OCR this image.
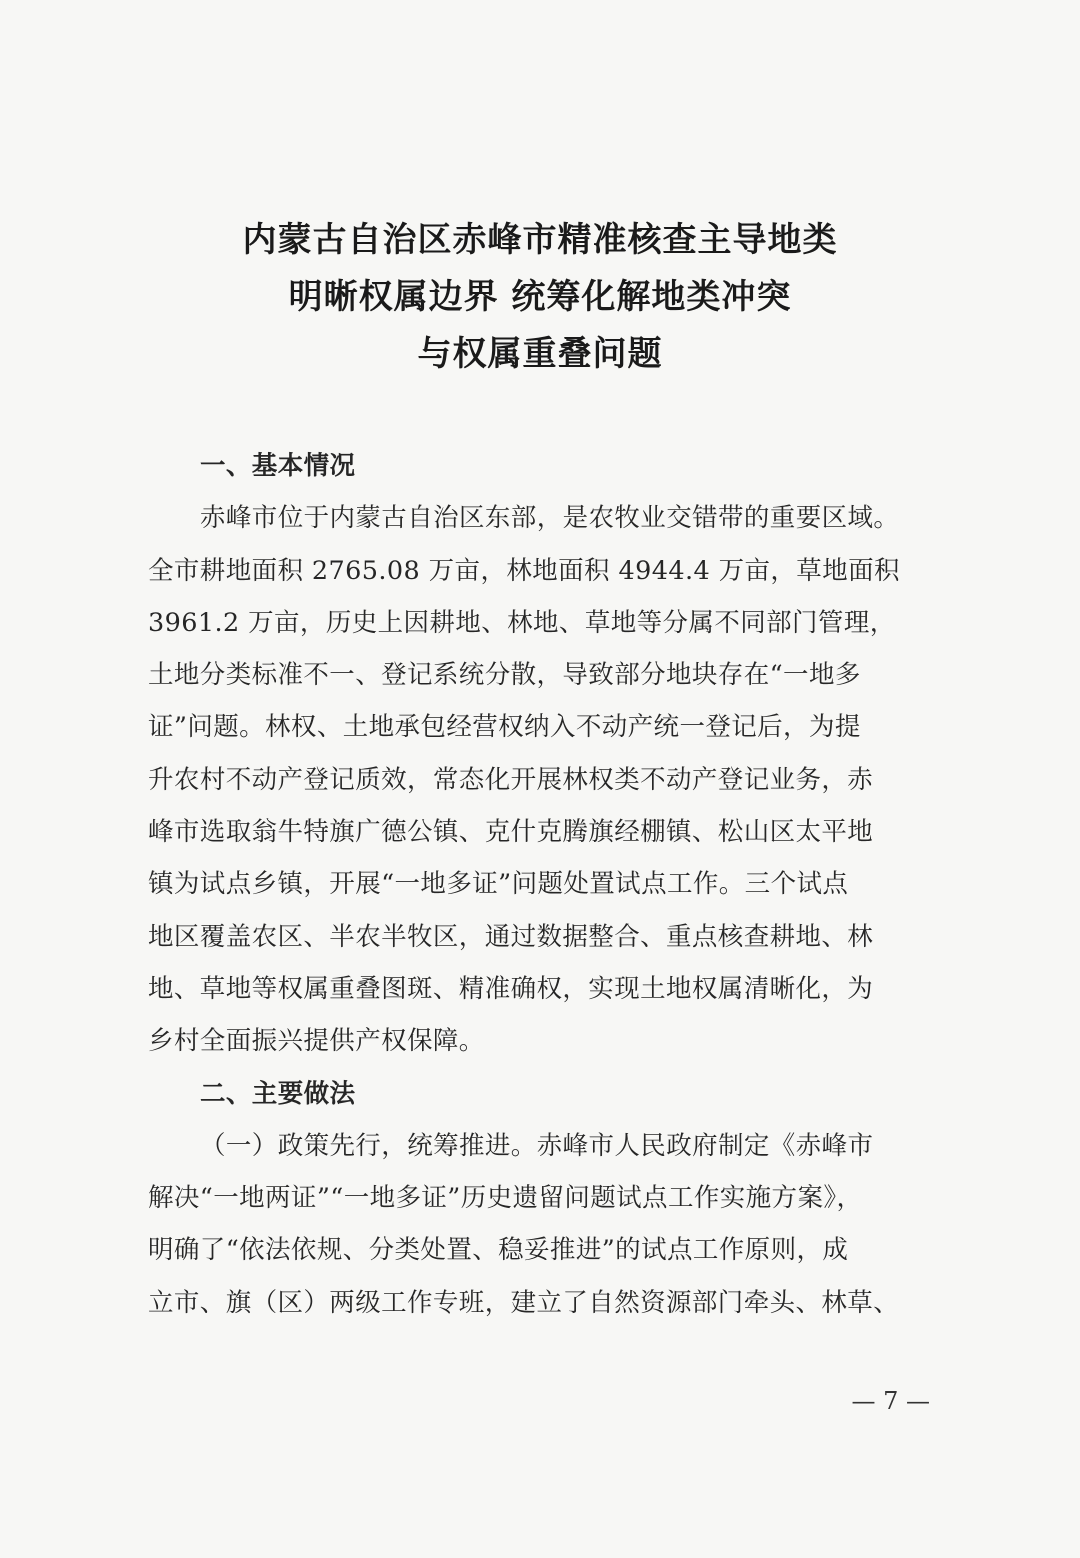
内蒙古自治区赤峰市精准核查主导地类
明晰权属边界 统筹化解地类冲突
与权属重叠问题
一、基本情况
赤峰市位于内蒙古自治区东部，是农牧业交错带的重要区域。
全市耕地面积 2765.08 万亩，林地面积 4944.4 万亩，草地面积
3961.2 万亩，历史上因耕地、林地、草地等分属不同部门管理，
土地分类标准不一、登记系统分散，导致部分地块存在“一地多
证”问题。林权、土地承包经营权纳入不动产统一登记后，为提
升农村不动产登记质效，常态化开展林权类不动产登记业务，赤
峰市选取翁牛特旗广德公镇、克什克腾旗经棚镇、松山区太平地
镇为试点乡镇，开展“一地多证”问题处置试点工作。三个试点
地区覆盖农区、半农半牧区，通过数据整合、重点核查耕地、林
地、草地等权属重叠图斑、精准确权，实现土地权属清晰化，为
乡村全面振兴提供产权保障。
二、主要做法
（一）政策先行，统筹推进。赤峰市人民政府制定《赤峰市
解决“一地两证”“一地多证”历史遗留问题试点工作实施方案》，
明确了“依法依规、分类处置、稳妥推进”的试点工作原则，成
立市、旗（区）两级工作专班，建立了自然资源部门牵头、林草、
— 7 —
